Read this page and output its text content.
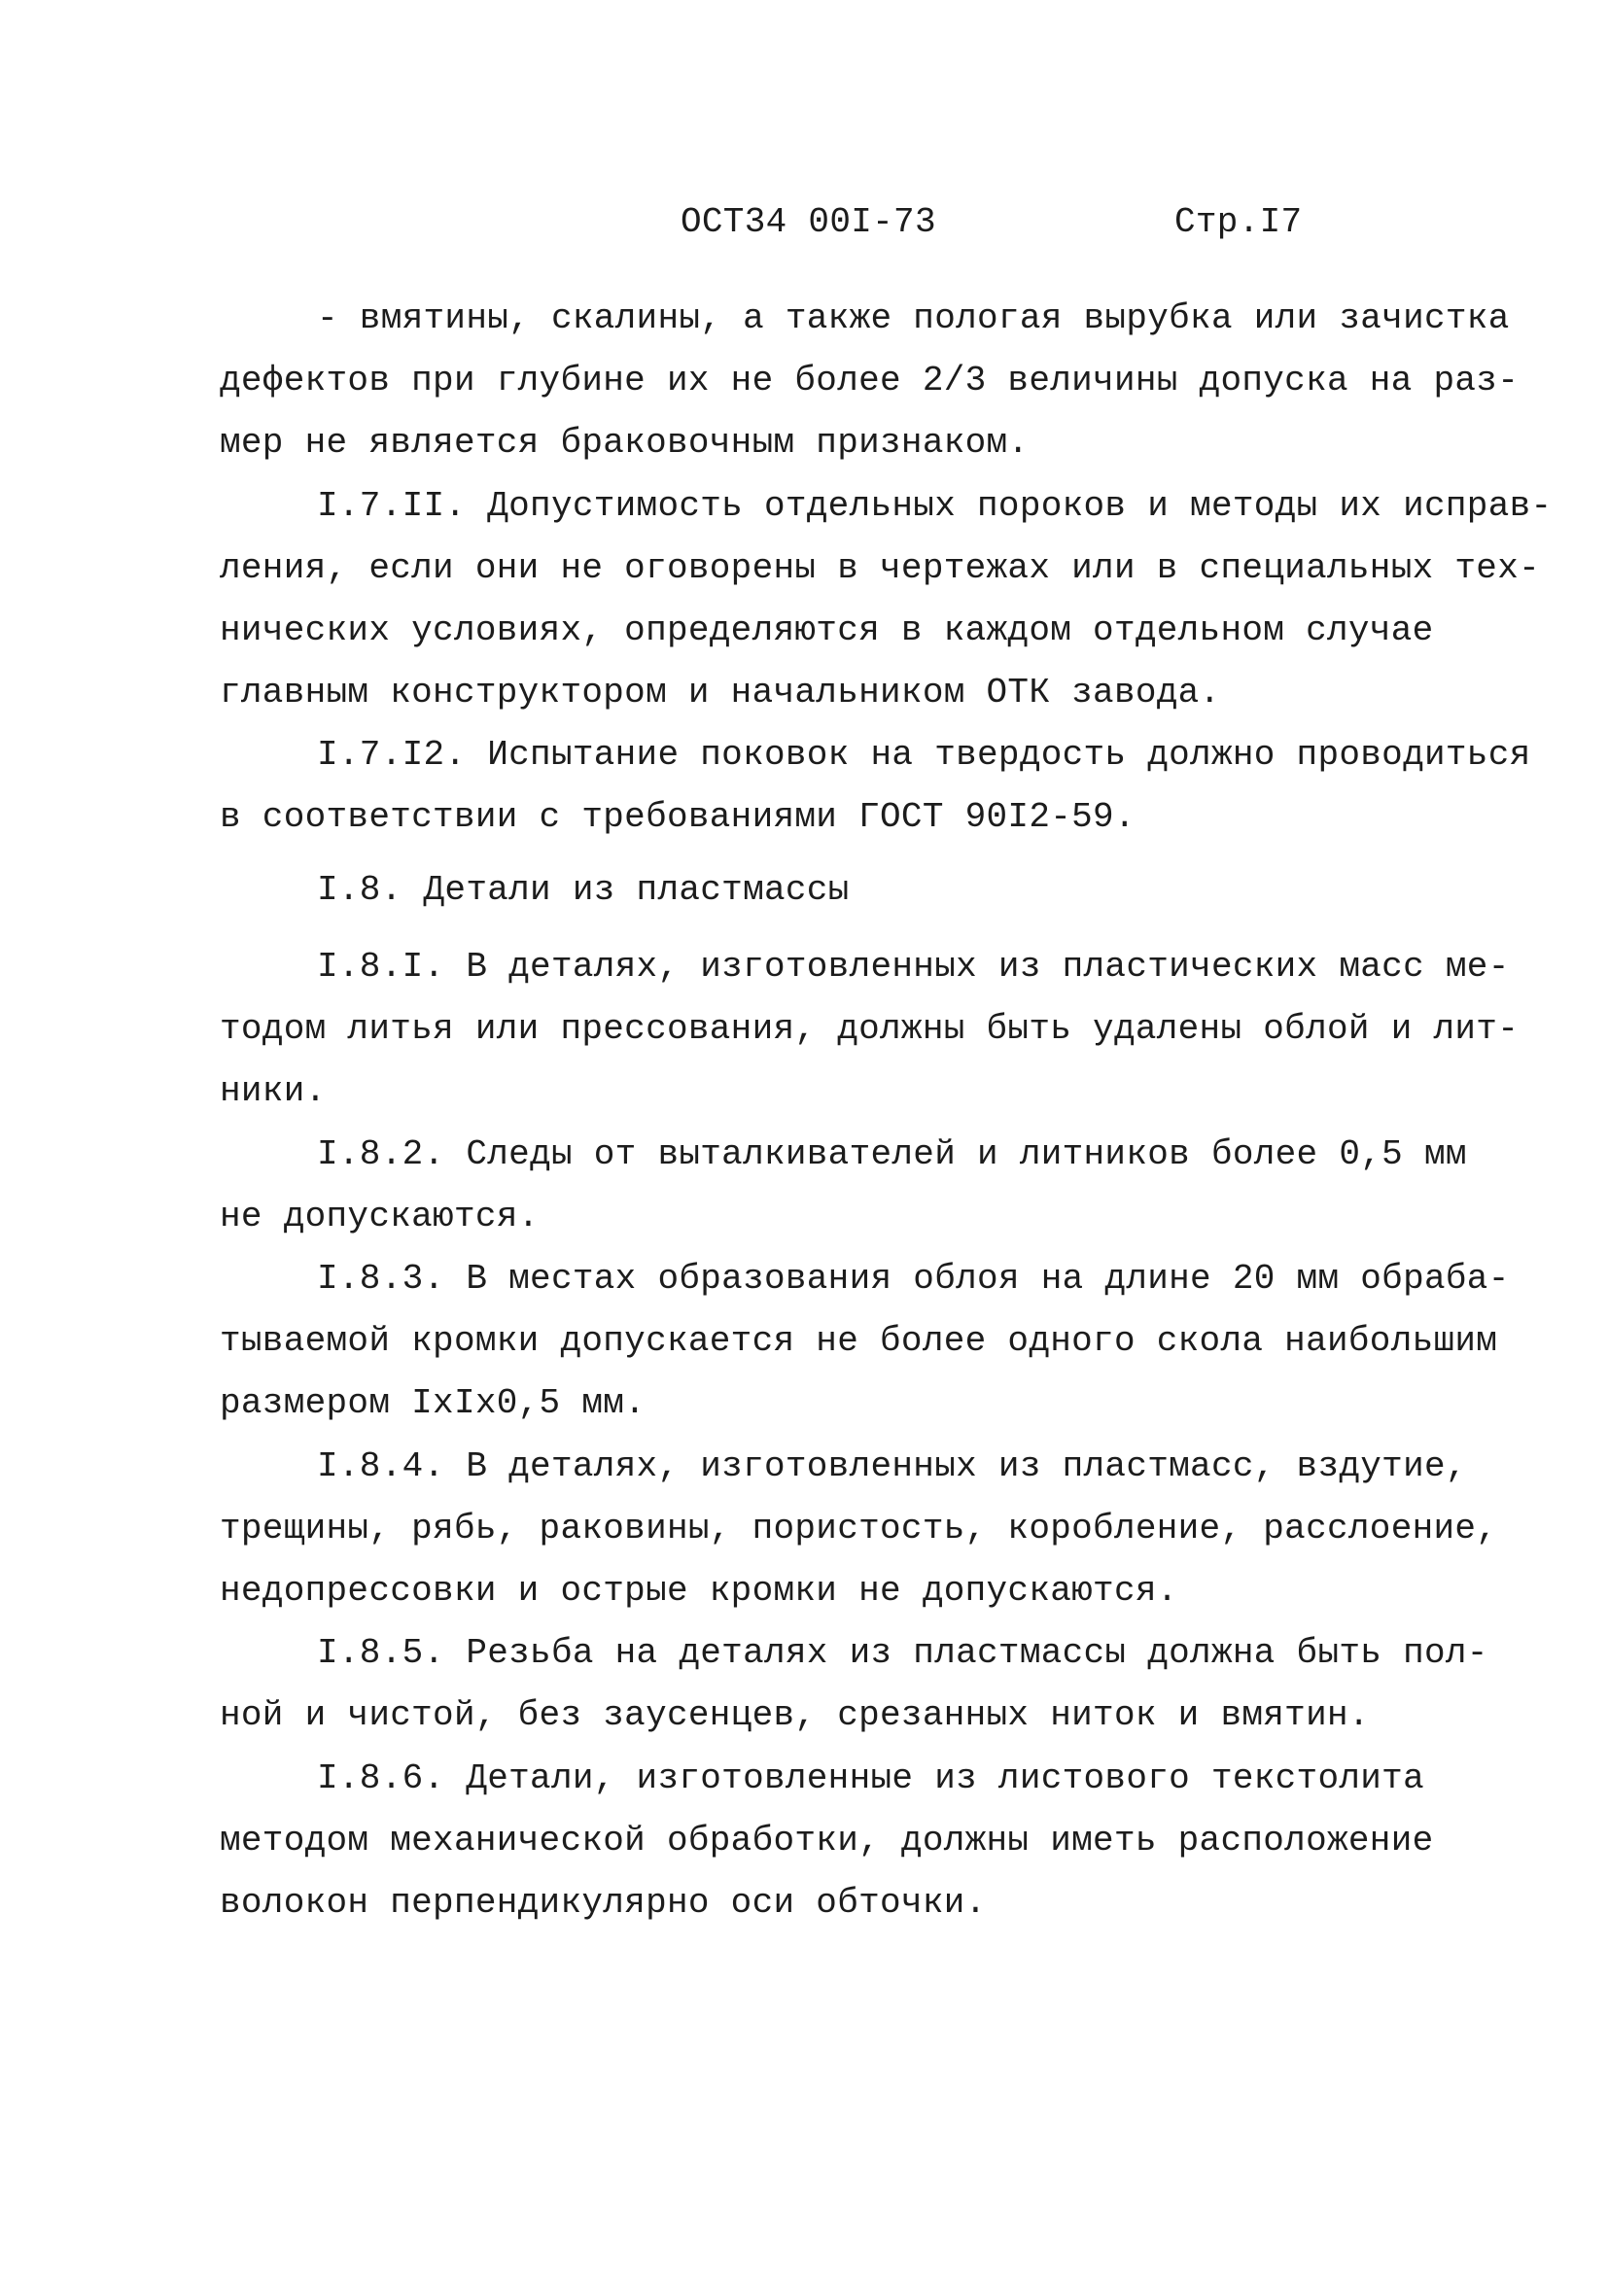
ОСТ34 00I-73	Стр.I7
- вмятины, скалины, а также пологая вырубка или зачистка
дефектов при глубине их не более 2/3 величины допуска на раз-
мер не является браковочным признаком.
I.7.II. Допустимость отдельных пороков и методы их исправ-
ления, если они не оговорены в чертежах или в специальных тех-
нических условиях, определяются в каждом отдельном случае
главным конструктором и начальником ОТК завода.
I.7.I2. Испытание поковок на твердость должно проводиться
в соответствии с требованиями ГОСТ 90I2-59.
I.8. Детали из пластмассы
I.8.I. В деталях, изготовленных из пластических масс ме-
тодом литья или прессования, должны быть удалены облой и лит-
ники.
I.8.2. Следы от выталкивателей и литников более 0,5 мм
не допускаются.
I.8.3. В местах образования облоя на длине 20 мм обраба-
тываемой кромки допускается не более одного скола наибольшим
размером IxIx0,5 мм.
I.8.4. В деталях, изготовленных из пластмасс, вздутие,
трещины, рябь, раковины, пористость, коробление, расслоение,
недопрессовки и острые кромки не допускаются.
I.8.5. Резьба на деталях из пластмассы должна быть пол-
ной и чистой, без заусенцев, срезанных ниток и вмятин.
I.8.6. Детали, изготовленные из листового текстолита
методом механической обработки, должны иметь расположение
волокон перпендикулярно оси обточки.
